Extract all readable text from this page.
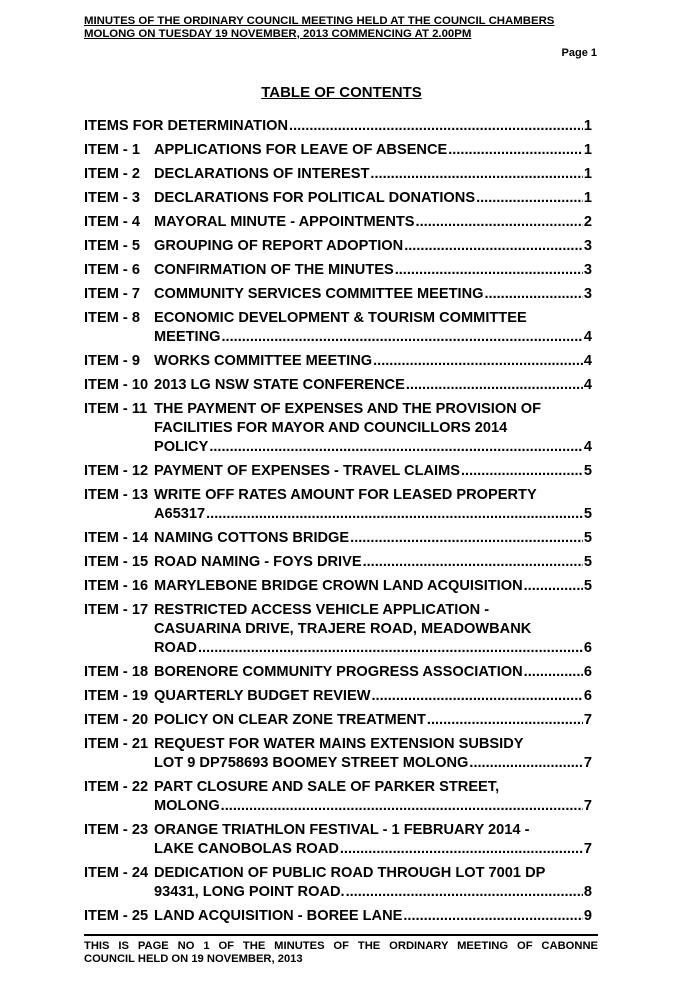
MINUTES OF THE ORDINARY COUNCIL MEETING HELD AT THE COUNCIL CHAMBERS
MOLONG ON TUESDAY 19 NOVEMBER, 2013 COMMENCING AT 2.00PM
Page 1
TABLE OF CONTENTS
ITEMS FOR DETERMINATION .....	1
ITEM - 1 APPLICATIONS FOR LEAVE OF ABSENCE .....	1
ITEM - 2 DECLARATIONS OF INTEREST .....	1
ITEM - 3 DECLARATIONS FOR POLITICAL DONATIONS .....	1
ITEM - 4 MAYORAL MINUTE - APPOINTMENTS .....	2
ITEM - 5 GROUPING OF REPORT ADOPTION .....	3
ITEM - 6 CONFIRMATION OF THE MINUTES .....	3
ITEM - 7 COMMUNITY SERVICES COMMITTEE MEETING .....	3
ITEM - 8 ECONOMIC DEVELOPMENT & TOURISM COMMITTEE
MEETING .....	4
ITEM - 9 WORKS COMMITTEE MEETING .....	4
ITEM - 10 2013 LG NSW STATE CONFERENCE .....	4
ITEM - 11 THE PAYMENT OF EXPENSES AND THE PROVISION OF
FACILITIES FOR MAYOR AND COUNCILLORS 2014
POLICY .....	4
ITEM - 12 PAYMENT OF EXPENSES - TRAVEL CLAIMS .....	5
ITEM - 13 WRITE OFF RATES AMOUNT FOR LEASED PROPERTY
A65317 .....	5
ITEM - 14 NAMING COTTONS BRIDGE .....	5
ITEM - 15 ROAD NAMING - FOYS DRIVE .....	5
ITEM - 16 MARYLEBONE BRIDGE CROWN LAND ACQUISITION .....	5
ITEM - 17 RESTRICTED ACCESS VEHICLE APPLICATION -
CASUARINA DRIVE, TRAJERE ROAD, MEADOWBANK
ROAD .....	6
ITEM - 18 BORENORE COMMUNITY PROGRESS ASSOCIATION .....	6
ITEM - 19 QUARTERLY BUDGET REVIEW .....	6
ITEM - 20 POLICY ON CLEAR ZONE TREATMENT .....	7
ITEM - 21 REQUEST FOR WATER MAINS EXTENSION SUBSIDY
LOT 9 DP758693 BOOMEY STREET MOLONG .....	7
ITEM - 22 PART CLOSURE AND SALE OF PARKER STREET,
MOLONG .....	7
ITEM - 23 ORANGE TRIATHLON FESTIVAL - 1 FEBRUARY 2014 -
LAKE CANOBOLAS ROAD .....	7
ITEM - 24 DEDICATION OF PUBLIC ROAD THROUGH LOT 7001 DP
93431, LONG POINT ROAD. .....	8
ITEM - 25 LAND ACQUISITION - BOREE LANE .....	9
THIS IS PAGE NO 1 OF THE MINUTES OF THE ORDINARY MEETING OF CABONNE
COUNCIL HELD ON 19 NOVEMBER, 2013
